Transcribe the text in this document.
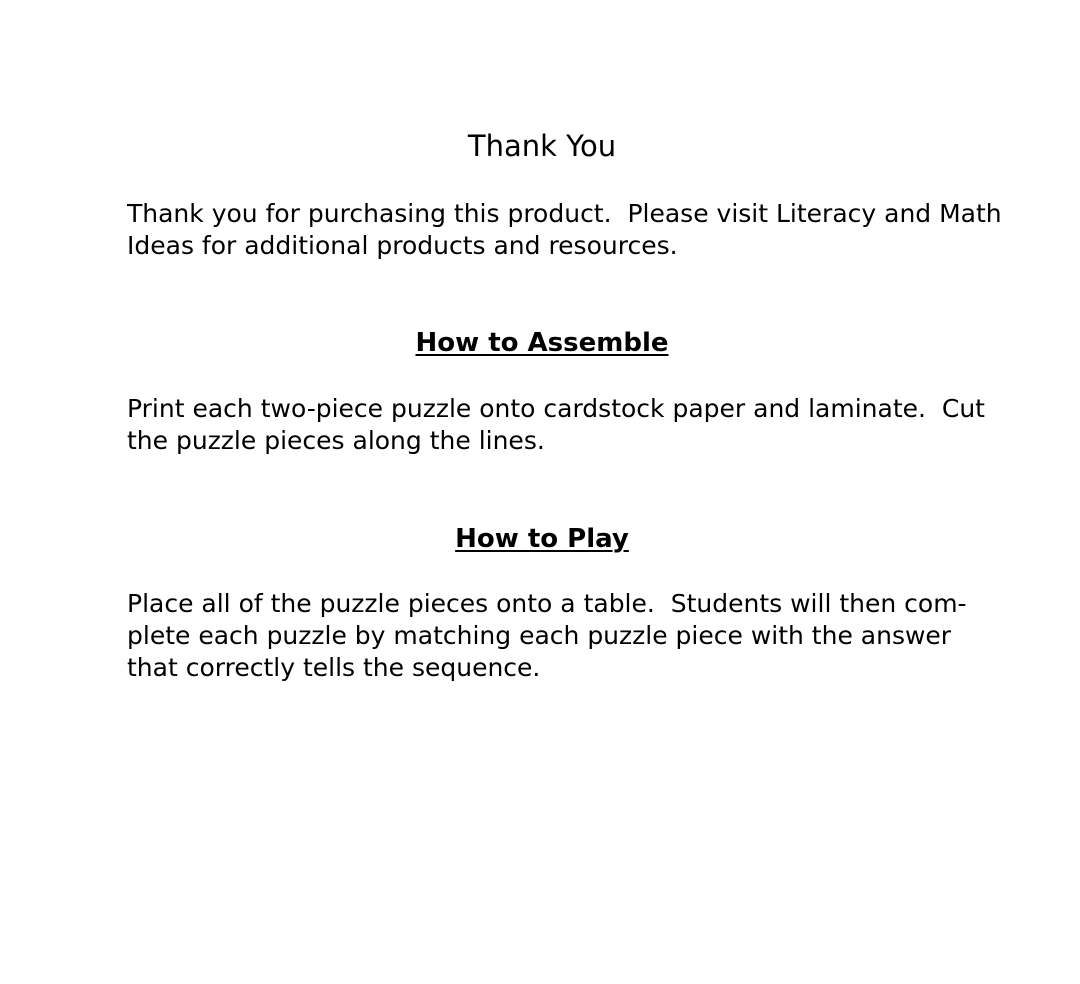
Thank You

Thank you for purchasing this product.  Please visit Literacy and Math
Ideas for additional products and resources.

How to Assemble

Print each two-piece puzzle onto cardstock paper and laminate.  Cut
the puzzle pieces along the lines.

How to Play

Place all of the puzzle pieces onto a table.  Students will then com-
plete each puzzle by matching each puzzle piece with the answer
that correctly tells the sequence.
